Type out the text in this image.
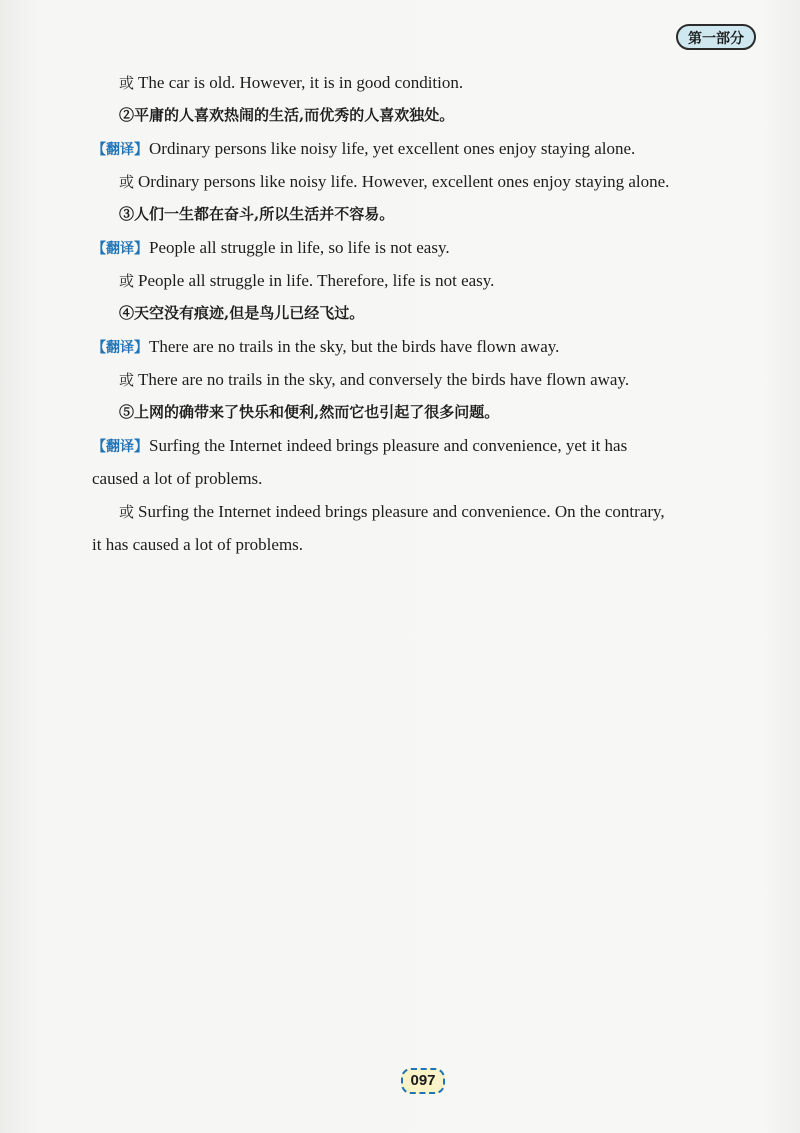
第一部分
或 The car is old. However, it is in good condition.
②平庸的人喜欢热闹的生活,而优秀的人喜欢独处。
【翻译】Ordinary persons like noisy life, yet excellent ones enjoy staying alone.
或 Ordinary persons like noisy life. However, excellent ones enjoy staying alone.
③人们一生都在奋斗,所以生活并不容易。
【翻译】People all struggle in life, so life is not easy.
或 People all struggle in life. Therefore, life is not easy.
④天空没有痕迹,但是鸟儿已经飞过。
【翻译】There are no trails in the sky, but the birds have flown away.
或 There are no trails in the sky, and conversely the birds have flown away.
⑤上网的确带来了快乐和便利,然而它也引起了很多问题。
【翻译】Surfing the Internet indeed brings pleasure and convenience, yet it has
caused a lot of problems.
或 Surfing the Internet indeed brings pleasure and convenience. On the contrary,
it has caused a lot of problems.
097
